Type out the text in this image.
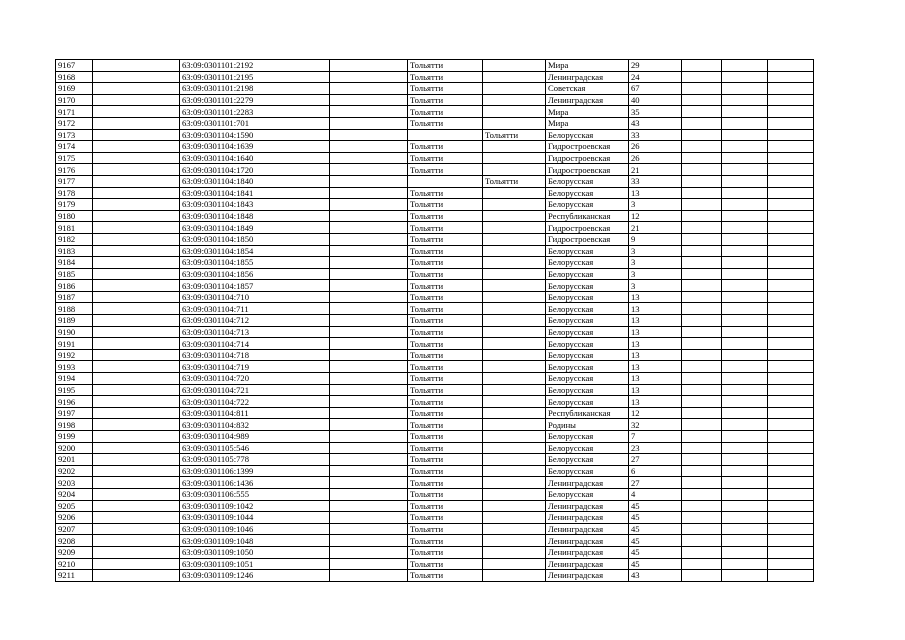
9167		63:09:0301101:2192		Тольятти		Мира	29			
9168		63:09:0301101:2195		Тольятти		Ленинградская	24			
9169		63:09:0301101:2198		Тольятти		Советская	67			
9170		63:09:0301101:2279		Тольятти		Ленинградская	40			
9171		63:09:0301101:2283		Тольятти		Мира	35			
9172		63:09:0301101:701		Тольятти		Мира	43			
9173		63:09:0301104:1590			Тольятти	Белорусская	33			
9174		63:09:0301104:1639		Тольятти		Гидростроевская	26			
9175		63:09:0301104:1640		Тольятти		Гидростроевская	26			
9176		63:09:0301104:1720		Тольятти		Гидростроевская	21			
9177		63:09:0301104:1840			Тольятти	Белорусская	33			
9178		63:09:0301104:1841		Тольятти		Белорусская	13			
9179		63:09:0301104:1843		Тольятти		Белорусская	3			
9180		63:09:0301104:1848		Тольятти		Республиканская	12			
9181		63:09:0301104:1849		Тольятти		Гидростроевская	21			
9182		63:09:0301104:1850		Тольятти		Гидростроевская	9			
9183		63:09:0301104:1854		Тольятти		Белорусская	3			
9184		63:09:0301104:1855		Тольятти		Белорусская	3			
9185		63:09:0301104:1856		Тольятти		Белорусская	3			
9186		63:09:0301104:1857		Тольятти		Белорусская	3			
9187		63:09:0301104:710		Тольятти		Белорусская	13			
9188		63:09:0301104:711		Тольятти		Белорусская	13			
9189		63:09:0301104:712		Тольятти		Белорусская	13			
9190		63:09:0301104:713		Тольятти		Белорусская	13			
9191		63:09:0301104:714		Тольятти		Белорусская	13			
9192		63:09:0301104:718		Тольятти		Белорусская	13			
9193		63:09:0301104:719		Тольятти		Белорусская	13			
9194		63:09:0301104:720		Тольятти		Белорусская	13			
9195		63:09:0301104:721		Тольятти		Белорусская	13			
9196		63:09:0301104:722		Тольятти		Белорусская	13			
9197		63:09:0301104:811		Тольятти		Республиканская	12			
9198		63:09:0301104:832		Тольятти		Родины	32			
9199		63:09:0301104:989		Тольятти		Белорусская	7			
9200		63:09:0301105:546		Тольятти		Белорусская	23			
9201		63:09:0301105:778		Тольятти		Белорусская	27			
9202		63:09:0301106:1399		Тольятти		Белорусская	6			
9203		63:09:0301106:1436		Тольятти		Ленинградская	27			
9204		63:09:0301106:555		Тольятти		Белорусская	4			
9205		63:09:0301109:1042		Тольятти		Ленинградская	45			
9206		63:09:0301109:1044		Тольятти		Ленинградская	45			
9207		63:09:0301109:1046		Тольятти		Ленинградская	45			
9208		63:09:0301109:1048		Тольятти		Ленинградская	45			
9209		63:09:0301109:1050		Тольятти		Ленинградская	45			
9210		63:09:0301109:1051		Тольятти		Ленинградская	45			
9211		63:09:0301109:1246		Тольятти		Ленинградская	43			
